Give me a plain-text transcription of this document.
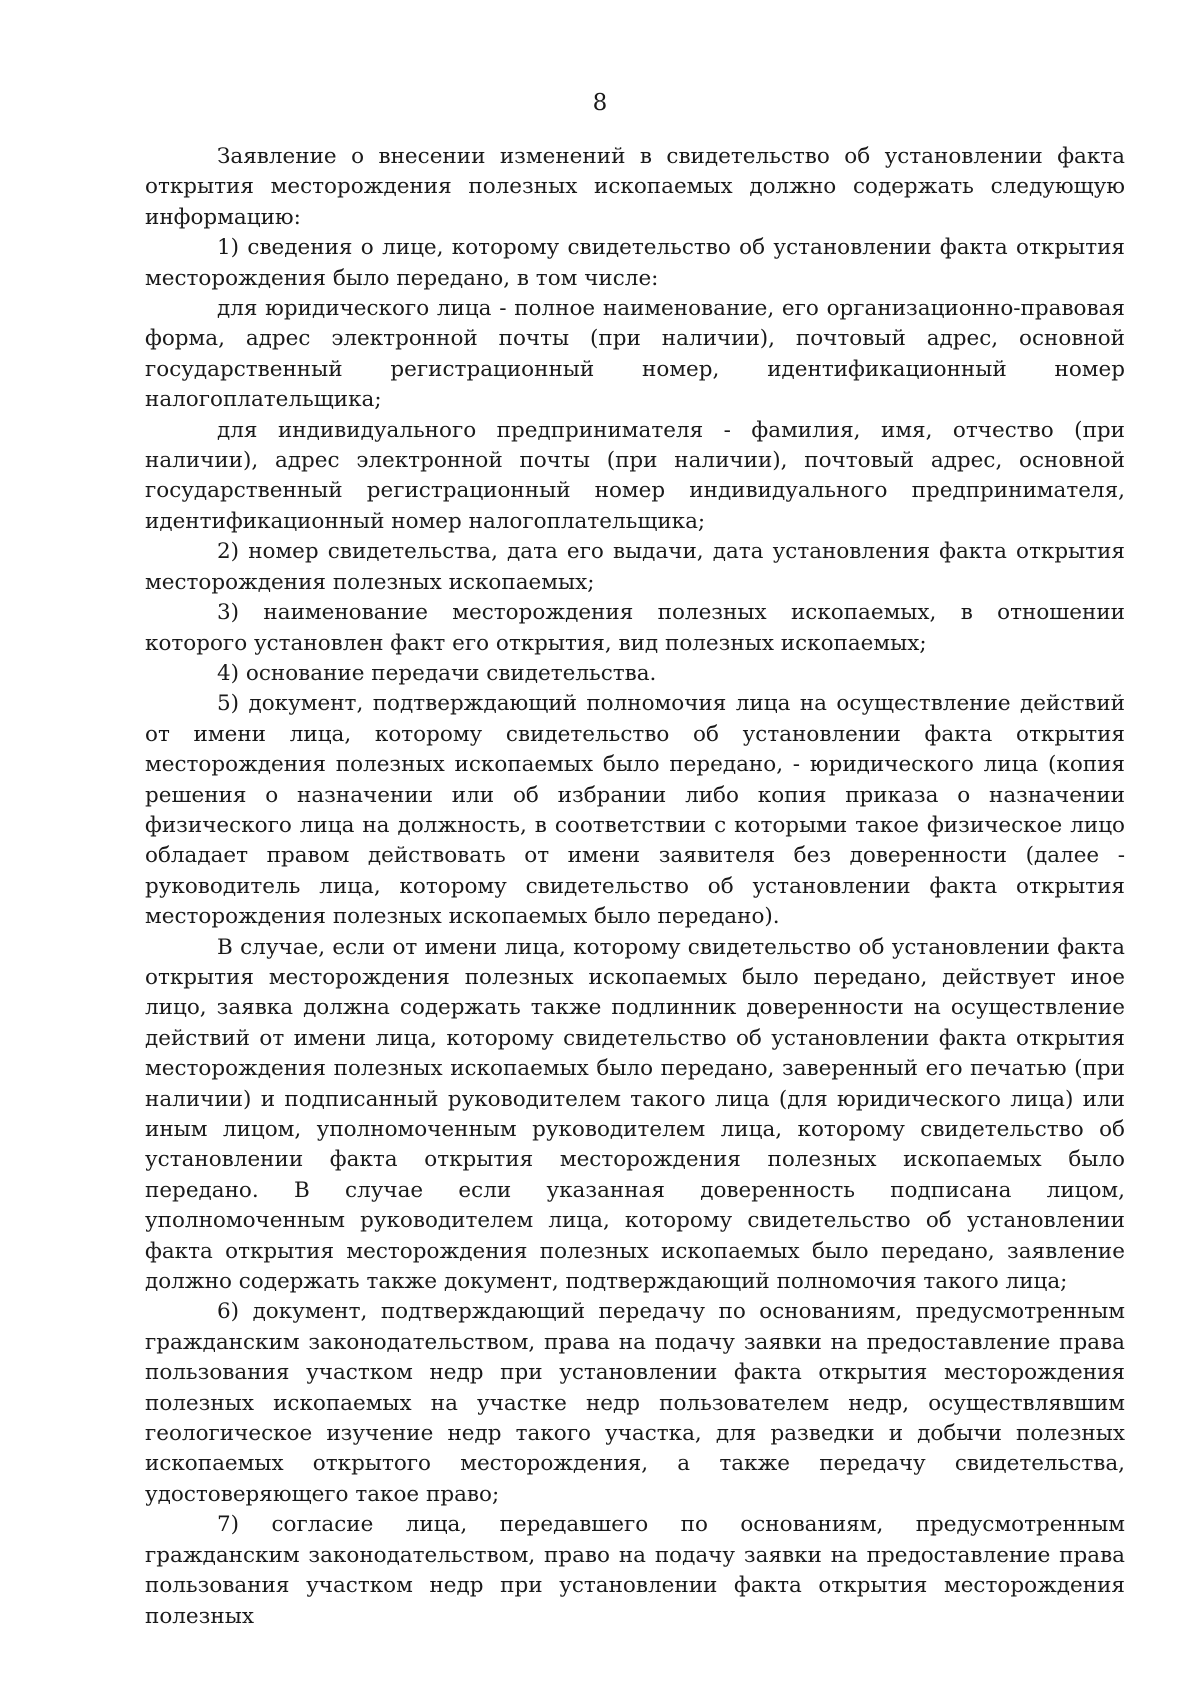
8

Заявление о внесении изменений в свидетельство об установлении факта открытия месторождения полезных ископаемых должно содержать следующую информацию:

1) сведения о лице, которому свидетельство об установлении факта открытия месторождения было передано, в том числе:

для юридического лица - полное наименование, его организационно-правовая форма, адрес электронной почты (при наличии), почтовый адрес, основной государственный регистрационный номер, идентификационный номер налогоплательщика;

для индивидуального предпринимателя - фамилия, имя, отчество (при наличии), адрес электронной почты (при наличии), почтовый адрес, основной государственный регистрационный номер индивидуального предпринимателя, идентификационный номер налогоплательщика;

2) номер свидетельства, дата его выдачи, дата установления факта открытия месторождения полезных ископаемых;

3) наименование месторождения полезных ископаемых, в отношении которого установлен факт его открытия, вид полезных ископаемых;

4) основание передачи свидетельства.

5) документ, подтверждающий полномочия лица на осуществление действий от имени лица, которому свидетельство об установлении факта открытия месторождения полезных ископаемых было передано, - юридического лица (копия решения о назначении или об избрании либо копия приказа о назначении физического лица на должность, в соответствии с которыми такое физическое лицо обладает правом действовать от имени заявителя без доверенности (далее - руководитель лица, которому свидетельство об установлении факта открытия месторождения полезных ископаемых было передано).

В случае, если от имени лица, которому свидетельство об установлении факта открытия месторождения полезных ископаемых было передано, действует иное лицо, заявка должна содержать также подлинник доверенности на осуществление действий от имени лица, которому свидетельство об установлении факта открытия месторождения полезных ископаемых было передано, заверенный его печатью (при наличии) и подписанный руководителем такого лица (для юридического лица) или иным лицом, уполномоченным руководителем лица, которому свидетельство об установлении факта открытия месторождения полезных ископаемых было передано. В случае если указанная доверенность подписана лицом, уполномоченным руководителем лица, которому свидетельство об установлении факта открытия месторождения полезных ископаемых было передано, заявление должно содержать также документ, подтверждающий полномочия такого лица;

6) документ, подтверждающий передачу по основаниям, предусмотренным гражданским законодательством, права на подачу заявки на предоставление права пользования участком недр при установлении факта открытия месторождения полезных ископаемых на участке недр пользователем недр, осуществлявшим геологическое изучение недр такого участка, для разведки и добычи полезных ископаемых открытого месторождения, а также передачу свидетельства, удостоверяющего такое право;

7) согласие лица, передавшего по основаниям, предусмотренным гражданским законодательством, право на подачу заявки на предоставление права пользования участком недр при установлении факта открытия месторождения полезных
